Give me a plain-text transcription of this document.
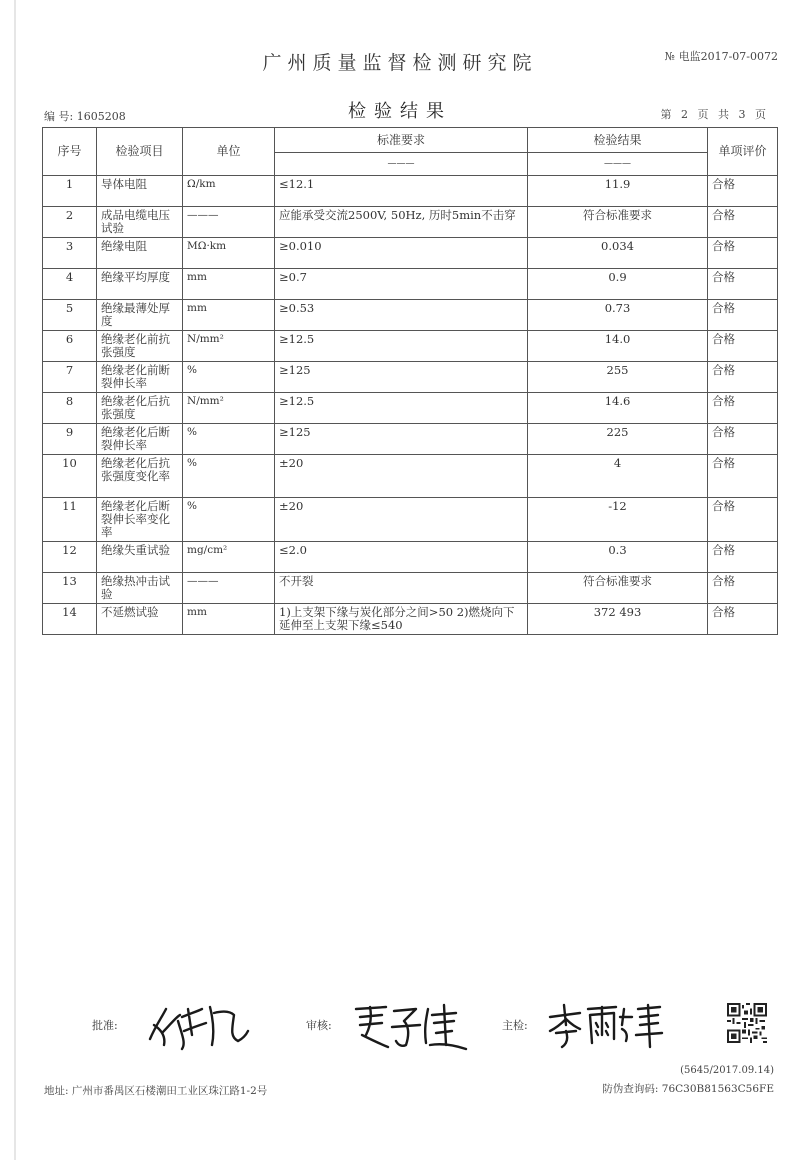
广州质量监督检测研究院	№ 电监2017-07-0072
编 号: 1605208	检验结果	第 2 页 共 3 页
序号	检验项目	单位	标准要求	检验结果	单项评价
			———	———	
1	导体电阻	Ω/km	≤12.1	11.9	合格
2	成品电缆电压试验	———	应能承受交流2500V, 50Hz, 历时5min不击穿	符合标准要求	合格
3	绝缘电阻	MΩ·km	≥0.010	0.034	合格
4	绝缘平均厚度	mm	≥0.7	0.9	合格
5	绝缘最薄处厚度	mm	≥0.53	0.73	合格
6	绝缘老化前抗张强度	N/mm²	≥12.5	14.0	合格
7	绝缘老化前断裂伸长率	%	≥125	255	合格
8	绝缘老化后抗张强度	N/mm²	≥12.5	14.6	合格
9	绝缘老化后断裂伸长率	%	≥125	225	合格
10	绝缘老化后抗张强度变化率	%	±20	4	合格
11	绝缘老化后断裂伸长率变化率	%	±20	-12	合格
12	绝缘失重试验	mg/cm²	≤2.0	0.3	合格
13	绝缘热冲击试验	———	不开裂	符合标准要求	合格
14	不延燃试验	mm	1)上支架下缘与炭化部分之间>50 2)燃烧向下延伸至上支架下缘≤540	372 493	合格
批准:	审核:	主检:
(5645/2017.09.14)
地址: 广州市番禺区石楼潮田工业区珠江路1-2号	防伪查询码: 76C30B81563C56FE
